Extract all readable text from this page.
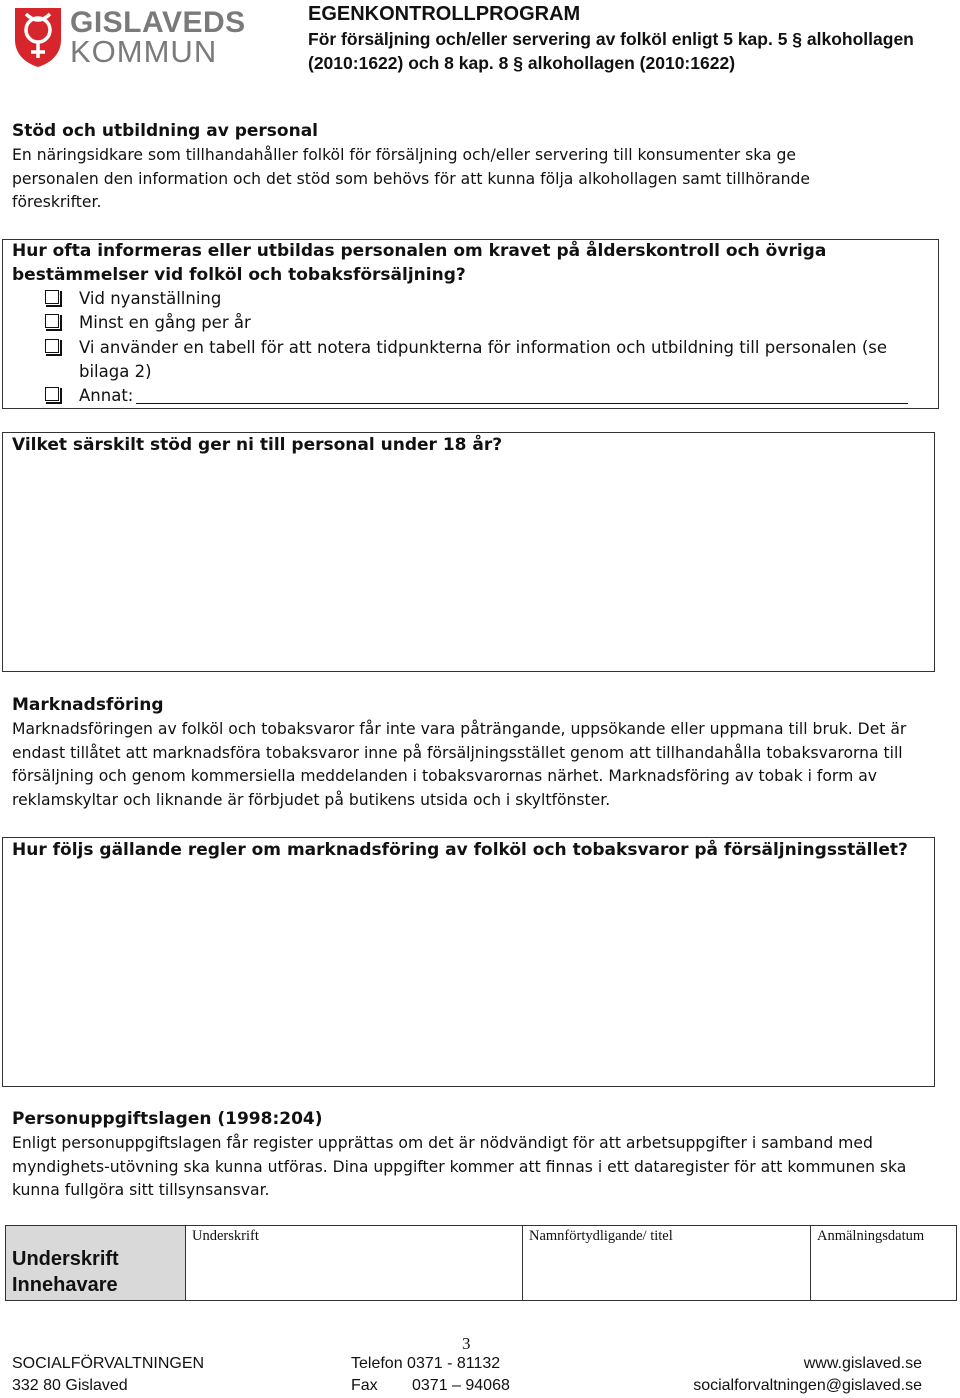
GISLAVEDS
KOMMUN
EGENKONTROLLPROGRAM
För försäljning och/eller servering av folköl enligt 5 kap. 5 § alkohollagen (2010:1622) och 8 kap. 8 § alkohollagen (2010:1622)
Stöd och utbildning av personal
En näringsidkare som tillhandahåller folköl för försäljning och/eller servering till konsumenter ska ge personalen den information och det stöd som behövs för att kunna följa alkohollagen samt tillhörande föreskrifter.
Hur ofta informeras eller utbildas personalen om kravet på ålderskontroll och övriga bestämmelser vid folköl och tobaksförsäljning?
Vid nyanställning
Minst en gång per år
Vi använder en tabell för att notera tidpunkterna för information och utbildning till personalen (se bilaga 2)
Annat:
Vilket särskilt stöd ger ni till personal under 18 år?
Marknadsföring
Marknadsföringen av folköl och tobaksvaror får inte vara påträngande, uppsökande eller uppmana till bruk. Det är endast tillåtet att marknadsföra tobaksvaror inne på försäljningsstället genom att tillhandahålla tobaksvarorna till försäljning och genom kommersiella meddelanden i tobaksvarornas närhet. Marknadsföring av tobak i form av reklamskyltar och liknande är förbjudet på butikens utsida och i skyltfönster.
Hur följs gällande regler om marknadsföring av folköl och tobaksvaror på försäljningsstället?
Personuppgiftslagen (1998:204)
Enligt personuppgiftslagen får register upprättas om det är nödvändigt för att arbetsuppgifter i samband med myndighets-utövning ska kunna utföras. Dina uppgifter kommer att finnas i ett dataregister för att kommunen ska kunna fullgöra sitt tillsynsansvar.
Underskrift
Innehavare
Underskrift	Namnförtydligande/ titel	Anmälningsdatum
3
SOCIALFÖRVALTNINGEN
332 80 Gislaved
Telefon 0371 - 81132
Fax 0371 – 94068
www.gislaved.se
socialforvaltningen@gislaved.se
